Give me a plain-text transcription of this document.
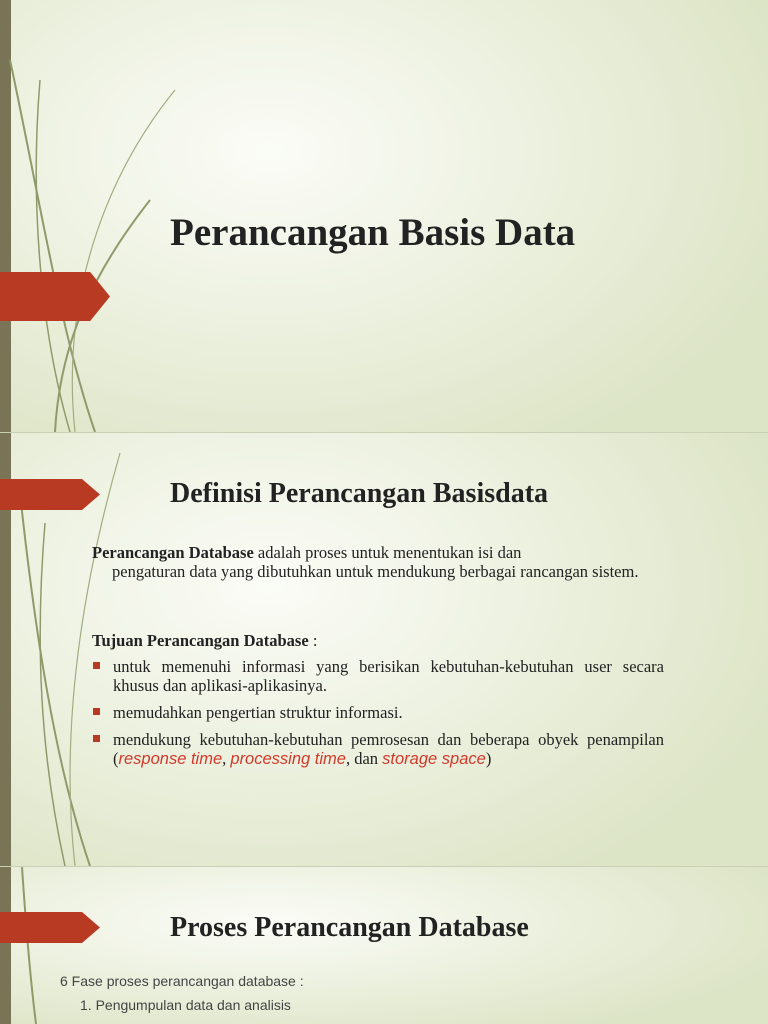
Perancangan Basis Data
Definisi Perancangan Basisdata

Perancangan Database adalah proses untuk menentukan isi dan

pengaturan data yang dibutuhkan untuk mendukung berbagai rancangan sistem.

Tujuan Perancangan Database :
untuk memenuhi informasi yang berisikan kebutuhan-kebutuhan user secara khusus dan aplikasi-aplikasinya.
memudahkan pengertian struktur informasi.
mendukung kebutuhan-kebutuhan pemrosesan dan beberapa obyek penampilan (response time, processing time, dan storage space)
Proses Perancangan Database
6 Fase proses perancangan database :
1. Pengumpulan data dan analisis
